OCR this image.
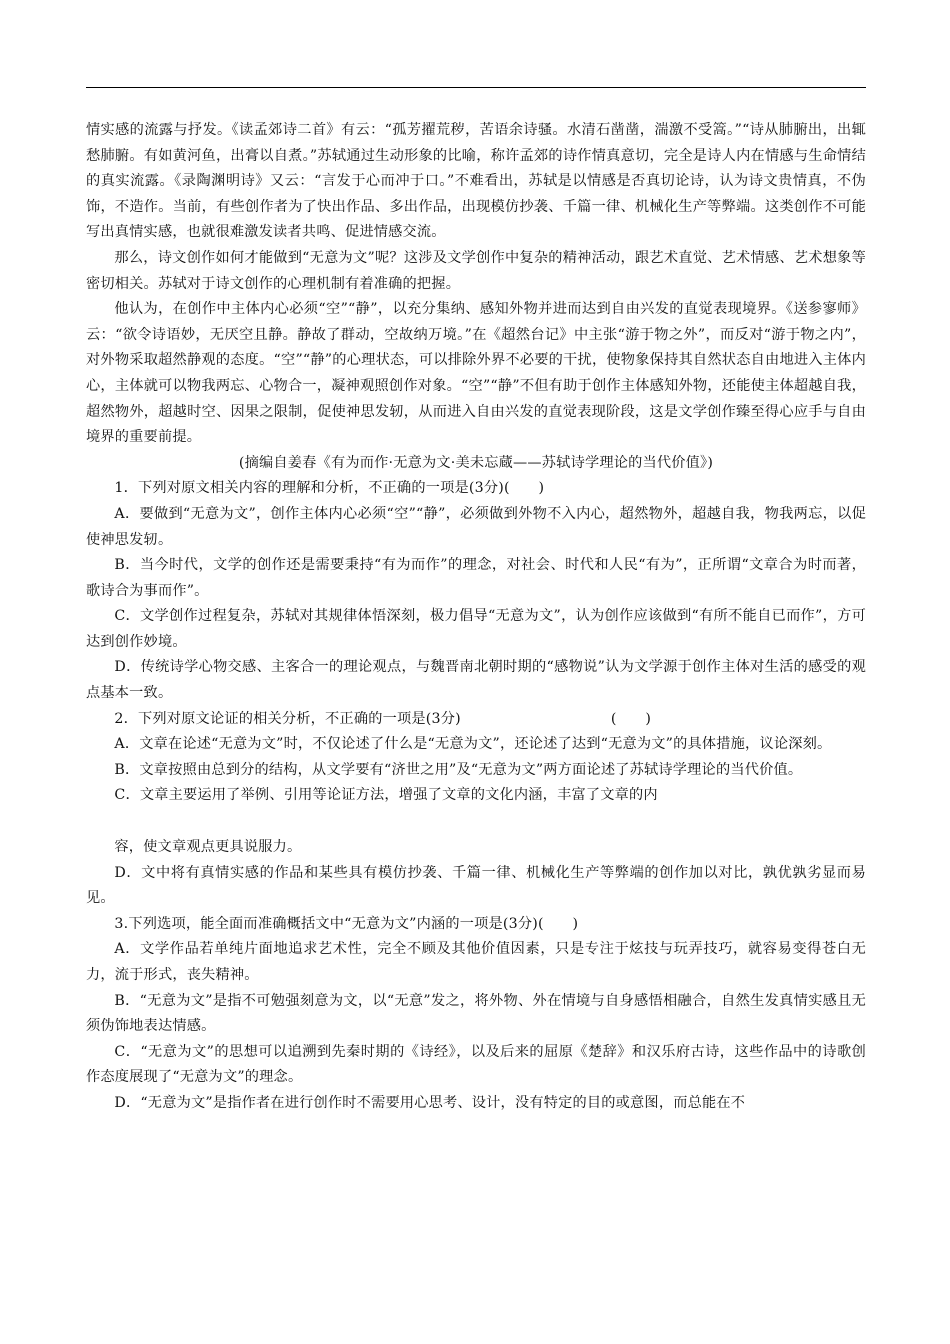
情实感的流露与抒发。《读孟郊诗二首》有云：“孤芳擢荒秽，苦语余诗骚。水清石凿凿，湍激不受篙。”“诗从肺腑出，出辄愁肺腑。有如黄河鱼，出膏以自煮。”苏轼通过生动形象的比喻，称许孟郊的诗作情真意切，完全是诗人内在情感与生命情结的真实流露。《录陶渊明诗》又云：“言发于心而冲于口。”不难看出，苏轼是以情感是否真切论诗，认为诗文贵情真，不伪饰，不造作。当前，有些创作者为了快出作品、多出作品，出现模仿抄袭、千篇一律、机械化生产等弊端。这类创作不可能写出真情实感，也就很难激发读者共鸣、促进情感交流。

那么，诗文创作如何才能做到“无意为文”呢？这涉及文学创作中复杂的精神活动，跟艺术直觉、艺术情感、艺术想象等密切相关。苏轼对于诗文创作的心理机制有着准确的把握。

他认为，在创作中主体内心必须“空”“静”，以充分集纳、感知外物并进而达到自由兴发的直觉表现境界。《送参寥师》云：“欲令诗语妙，无厌空且静。静故了群动，空故纳万境。”在《超然台记》中主张“游于物之外”，而反对“游于物之内”，对外物采取超然静观的态度。“空”“静”的心理状态，可以排除外界不必要的干扰，使物象保持其自然状态自由地进入主体内心，主体就可以物我两忘、心物合一，凝神观照创作对象。“空”“静”不但有助于创作主体感知外物，还能使主体超越自我，超然物外，超越时空、因果之限制，促使神思发轫，从而进入自由兴发的直觉表现阶段，这是文学创作臻至得心应手与自由境界的重要前提。

(摘编自姜春《有为而作·无意为文·美未忘蔵——苏轼诗学理论的当代价值》)

1．下列对原文相关内容的理解和分析，不正确的一项是(3分)(　　)

A．要做到“无意为文”，创作主体内心必须“空”“静”，必须做到外物不入内心，超然物外，超越自我，物我两忘，以促使神思发轫。

B．当今时代，文学的创作还是需要秉持“有为而作”的理念，对社会、时代和人民“有为”，正所谓“文章合为时而著，歌诗合为事而作”。

C．文学创作过程复杂，苏轼对其规律体悟深刻，极力倡导“无意为文”，认为创作应该做到“有所不能自已而作”，方可达到创作妙境。

D．传统诗学心物交感、主客合一的理论观点，与魏晋南北朝时期的“感物说”认为文学源于创作主体对生活的感受的观点基本一致。

2．下列对原文论证的相关分析，不正确的一项是(3分)	(　　)

A．文章在论述“无意为文”时，不仅论述了什么是“无意为文”，还论述了达到“无意为文”的具体措施，议论深刻。

B．文章按照由总到分的结构，从文学要有“济世之用”及“无意为文”两方面论述了苏轼诗学理论的当代价值。

C．文章主要运用了举例、引用等论证方法，增强了文章的文化内涵，丰富了文章的内

容，使文章观点更具说服力。

D．文中将有真情实感的作品和某些具有模仿抄袭、千篇一律、机械化生产等弊端的创作加以对比，孰优孰劣显而易见。

3.下列选项，能全面而准确概括文中“无意为文”内涵的一项是(3分)(　　)

A．文学作品若单纯片面地追求艺术性，完全不顾及其他价值因素，只是专注于炫技与玩弄技巧，就容易变得苍白无力，流于形式，丧失精神。

B．“无意为文”是指不可勉强刻意为文，以“无意”发之，将外物、外在情境与自身感悟相融合，自然生发真情实感且无须伪饰地表达情感。

C．“无意为文”的思想可以追溯到先秦时期的《诗经》，以及后来的屈原《楚辞》和汉乐府古诗，这些作品中的诗歌创作态度展现了“无意为文”的理念。

D．“无意为文”是指作者在进行创作时不需要用心思考、设计，没有特定的目的或意图，而总能在不
